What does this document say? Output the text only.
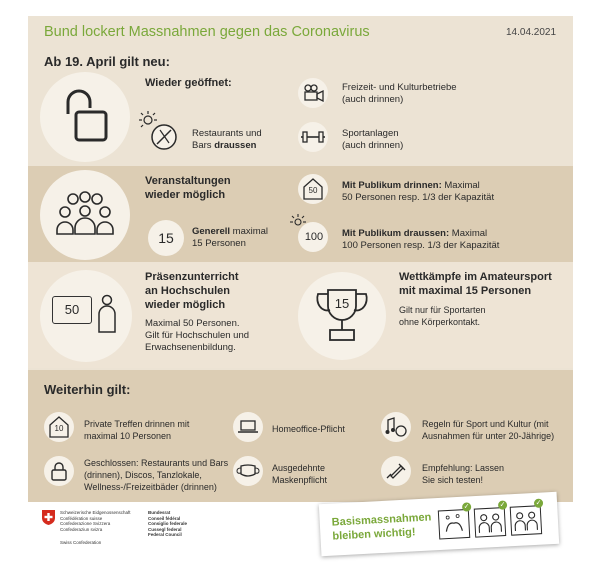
Bund lockert Massnahmen gegen das Coronavirus	14.04.2021
Ab 19. April gilt neu:
Wieder geöffnet:
Restaurants und
Bars draussen
Freizeit- und Kulturbetriebe
(auch drinnen)
Sportanlagen
(auch drinnen)
Veranstaltungen
wieder möglich
15	Generell maximal
15 Personen
50	Mit Publikum drinnen: Maximal
50 Personen resp. 1/3 der Kapazität
100	Mit Publikum draussen: Maximal
100 Personen resp. 1/3 der Kapazität
50
Präsenzunterricht
an Hochschulen
wieder möglich
Maximal 50 Personen.
Gilt für Hochschulen und
Erwachsenenbildung.
15
Wettkämpfe im Amateursport
mit maximal 15 Personen
Gilt nur für Sportarten
ohne Körperkontakt.
Weiterhin gilt:
10	Private Treffen drinnen mit
maximal 10 Personen
Homeoffice-Pflicht	Regeln für Sport und Kultur (mit
Ausnahmen für unter 20-Jährige)
Geschlossen: Restaurants und Bars
(drinnen), Discos, Tanzlokale,
Wellness-/Freizeitbäder (drinnen)
Ausgedehnte
Maskenpflicht
Empfehlung: Lassen
Sie sich testen!
Schweizerische Eidgenossenschaft
Confédération suisse
Confederazione Svizzera
Confederaziun svizra
Swiss Confederation
Bundesrat
Conseil fédéral
Consiglio federale
Cussegl federal
Federal Council
Basismassnahmen
bleiben wichtig!
✓	✓	✓
